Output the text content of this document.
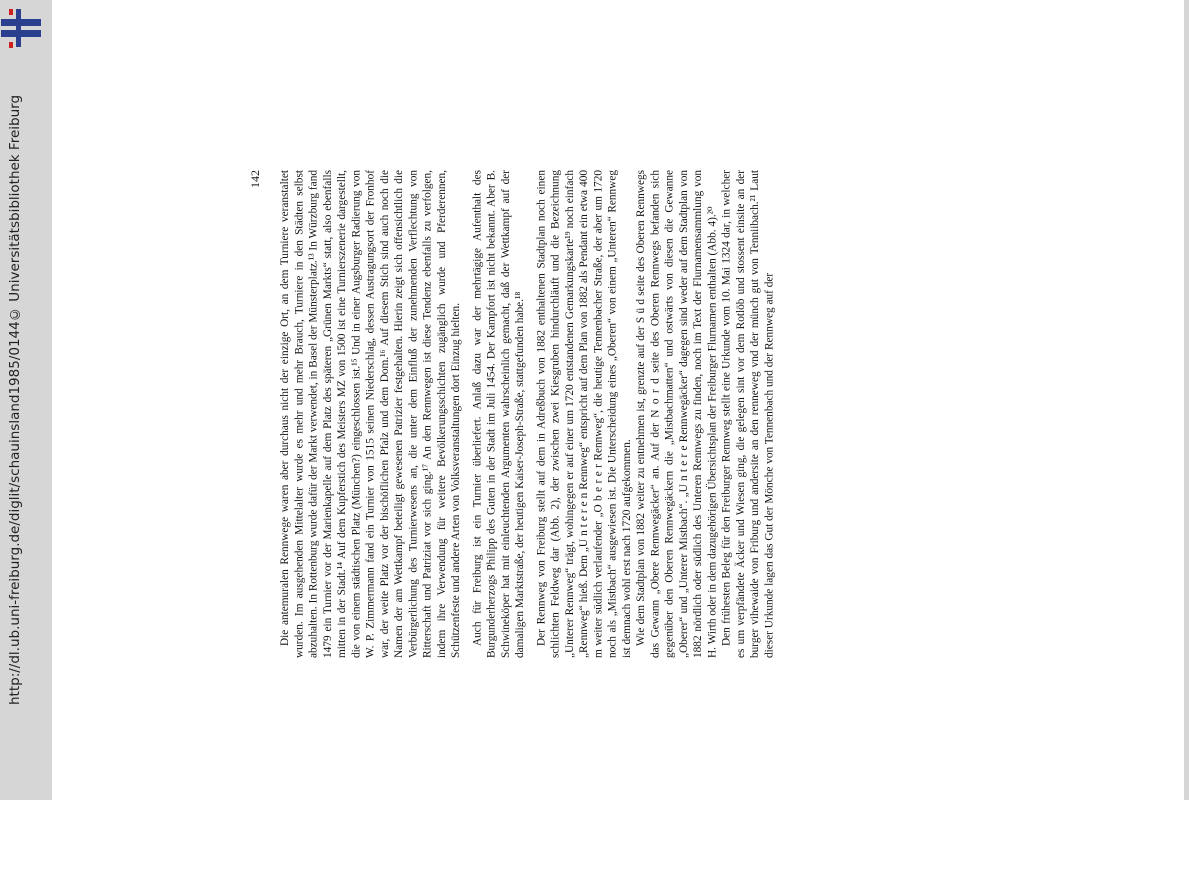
http://dl.ub.uni-freiburg.de/diglit/schauinsland1985/0144
© Universitätsbibliothek Freiburg	142 Die antemuralen Rennwege waren aber durchaus nicht der einzige Ort, an dem Turniere veranstaltet wurden. Im ausgehenden Mittelalter wurde es mehr und mehr Brauch, Turniere in den Städten selbst abzuhalten. In Rottenburg wurde dafür der Markt verwendet, in Basel der Münsterplatz.¹³ In Würzburg fand 1479 ein Turnier vor der Marienkapelle auf dem Platz des späteren „Grünen Markts“ statt, also ebenfalls mitten in der Stadt.¹⁴ Auf dem Kupferstich des Meisters MZ von 1500 ist eine Turnierszenerie dargestellt, die von einem städtischen Platz (München?) eingeschlossen ist.¹⁵ Und in einer Augsburger Radierung von W. P. Zimmermann fand ein Turnier von 1515 seinen Niederschlag, dessen Austragungsort der Fronhof war, der weite Platz vor der bischöflichen Pfalz und dem Dom.¹⁶ Auf diesem Stich sind auch noch die Namen der am Wettkampf beteiligt gewesenen Patrizier festgehalten. Hierin zeigt sich offensichtlich die Verbürgerlichung des Turnierwesens an, die unter dem Einfluß der zunehmenden Verflechtung von Ritterschaft und Patriziat vor sich ging.¹⁷ An den Rennwegen ist diese Tendenz ebenfalls zu verfolgen, indem ihre Verwendung für weitere Bevölkerungsschichten zugänglich wurde und Pferderennen, Schützenfeste und andere Arten von Volksveranstaltungen dort Einzug hielten. Auch für Freiburg ist ein Turnier überliefert. Anlaß dazu war der mehrtägige Aufenthalt des Burgunderherzogs Philipp des Guten in der Stadt im Juli 1454. Der Kampfort ist nicht bekannt. Aber B. Schwineköper hat mit einleuchtenden Argumenten wahrscheinlich gemacht, daß der Wettkampf auf der damaligen Marktstraße, der heutigen Kaiser-Joseph-Straße, stattgefunden habe.¹⁸ Der Rennweg von Freiburg stellt auf dem in Adreßbuch von 1882 enthaltenen Stadtplan noch einen schlichten Feldweg dar (Abb. 2), der zwischen zwei Kiesgruben hindurchläuft und die Bezeichnung „Unterer Rennweg“ trägt, wohingegen er auf einer um 1720 entstandenen Gemarkungskarte¹⁹ noch einfach „Rennweg“ hieß. Dem „U n t e r e n Rennweg“ entspricht auf dem Plan von 1882 als Pendant ein etwa 400 m weiter südlich verlaufender „O b e r e r Rennweg“, die heutige Tennenbacher Straße, der aber um 1720 noch als „Mistbach“ ausgewiesen ist. Die Unterscheidung eines „Oberen“ von einem „Unteren“ Rennweg ist demnach wohl erst nach 1720 aufgekommen. Wie dem Stadtplan von 1882 weiter zu entnehmen ist, grenzte auf der S ü d seite des Oberen Rennwegs das Gewann „Obere Rennwegäcker“ an. Auf der N o r d seite des Oberen Rennwegs befanden sich gegenüber den Oberen Rennwegäckern die „Mistbachmatten“ und ostwärts von diesen die Gewanne „Oberer“ und „Unterer Mistbach“. „U n t e r e Rennwegäcker“ dagegen sind weder auf dem Stadtplan von 1882 nördlich oder südlich des Unteren Rennwegs zu finden, noch im Text der Flurnamensammlung von H. Wirth oder in dem dazugehörigen Übersichtsplan der Freiburger Flurnamen enthalten (Abb. 4).²⁰ Den frühesten Beleg für den Freiburger Rennweg stellt eine Urkunde vom 10. Mai 1324 dar, in welcher es um verpfändete Äcker und Wiesen ging, die gelegen sint vor dem Rotlöb und stossent einsite an der burger vihewaide von Friburg und andersite an den renneweg vnd der münch gut von Tenniibach.²¹ Laut dieser Urkunde lagen das Gut der Mönche von Tennenbach und der Rennweg auf der
